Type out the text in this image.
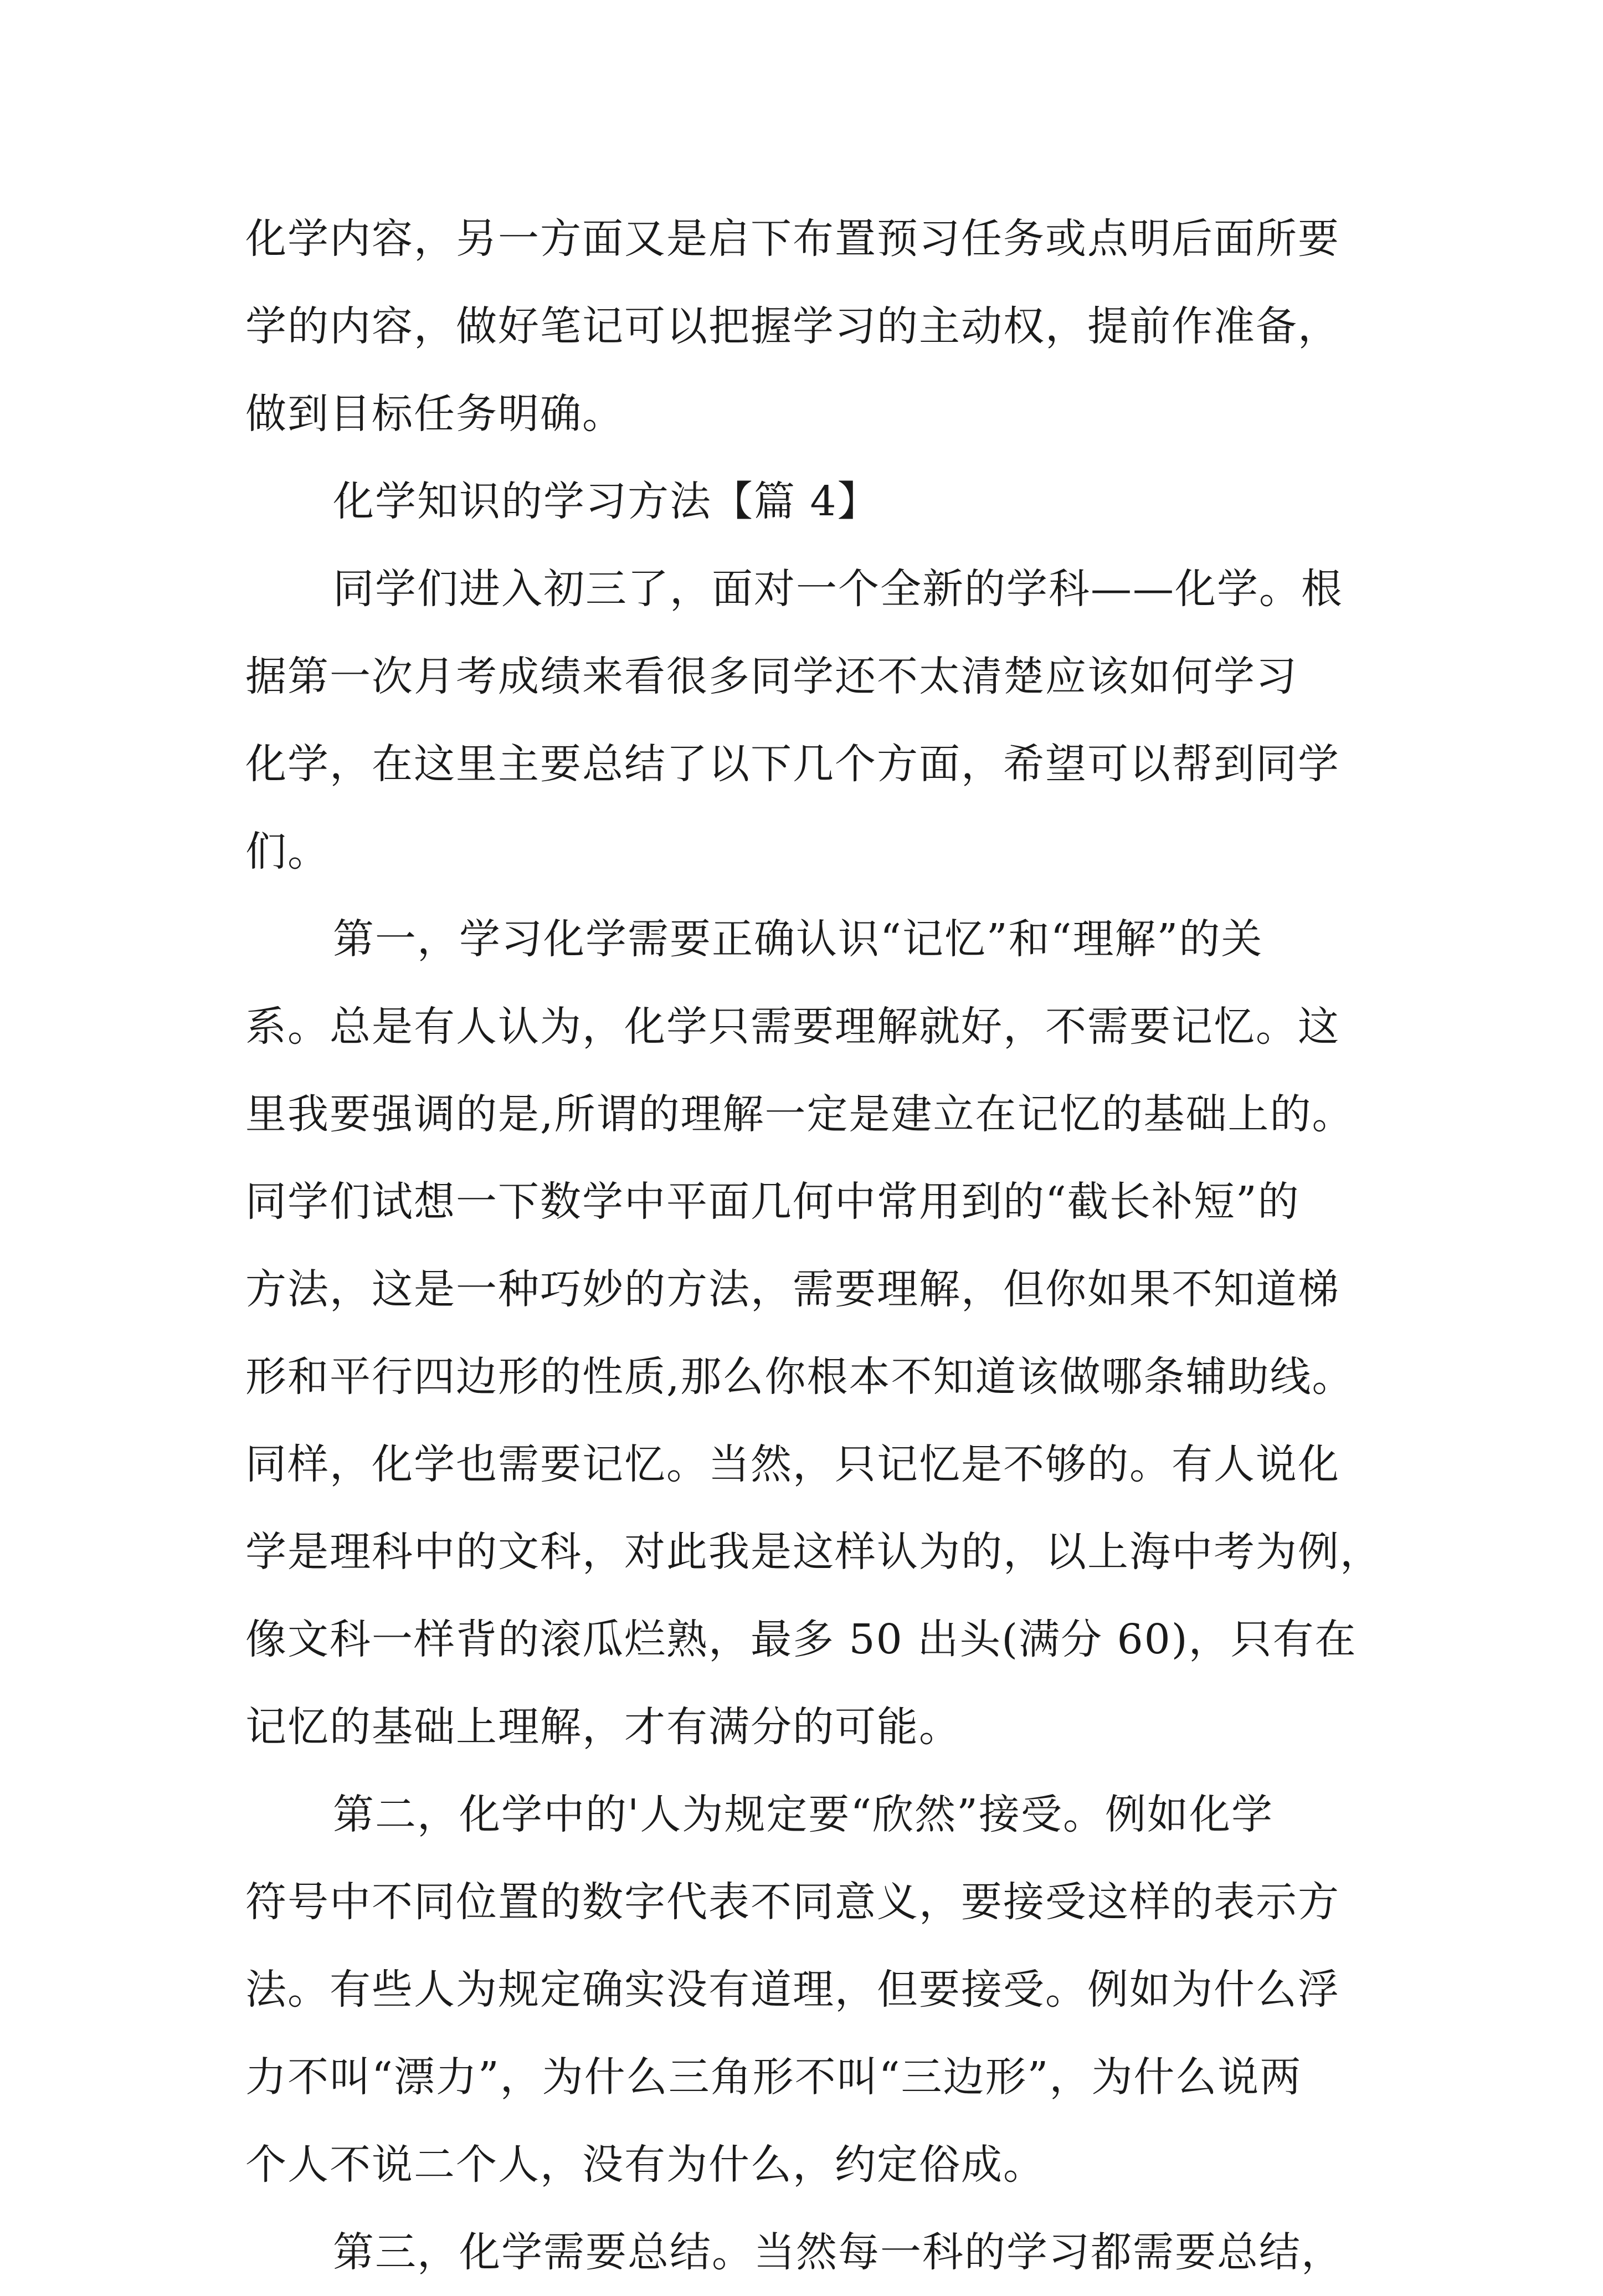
化学内容，另一方面又是启下布置预习任务或点明后面所要
学的内容，做好笔记可以把握学习的主动权，提前作准备，
做到目标任务明确。
化学知识的学习方法【篇 4】
同学们进入初三了，面对一个全新的学科——化学。根
据第一次月考成绩来看很多同学还不太清楚应该如何学习
化学，在这里主要总结了以下几个方面，希望可以帮到同学
们。
第一，学习化学需要正确认识“记忆”和“理解”的关
系。总是有人认为，化学只需要理解就好，不需要记忆。这
里我要强调的是,所谓的理解一定是建立在记忆的基础上的。
同学们试想一下数学中平面几何中常用到的“截长补短”的
方法，这是一种巧妙的方法，需要理解，但你如果不知道梯
形和平行四边形的性质,那么你根本不知道该做哪条辅助线。
同样，化学也需要记忆。当然，只记忆是不够的。有人说化
学是理科中的文科，对此我是这样认为的，以上海中考为例，
像文科一样背的滚瓜烂熟，最多 50 出头(满分 60)，只有在
记忆的基础上理解，才有满分的可能。
第二，化学中的'人为规定要“欣然”接受。例如化学
符号中不同位置的数字代表不同意义，要接受这样的表示方
法。有些人为规定确实没有道理，但要接受。例如为什么浮
力不叫“漂力”，为什么三角形不叫“三边形”，为什么说两
个人不说二个人，没有为什么，约定俗成。
第三，化学需要总结。当然每一科的学习都需要总结，
